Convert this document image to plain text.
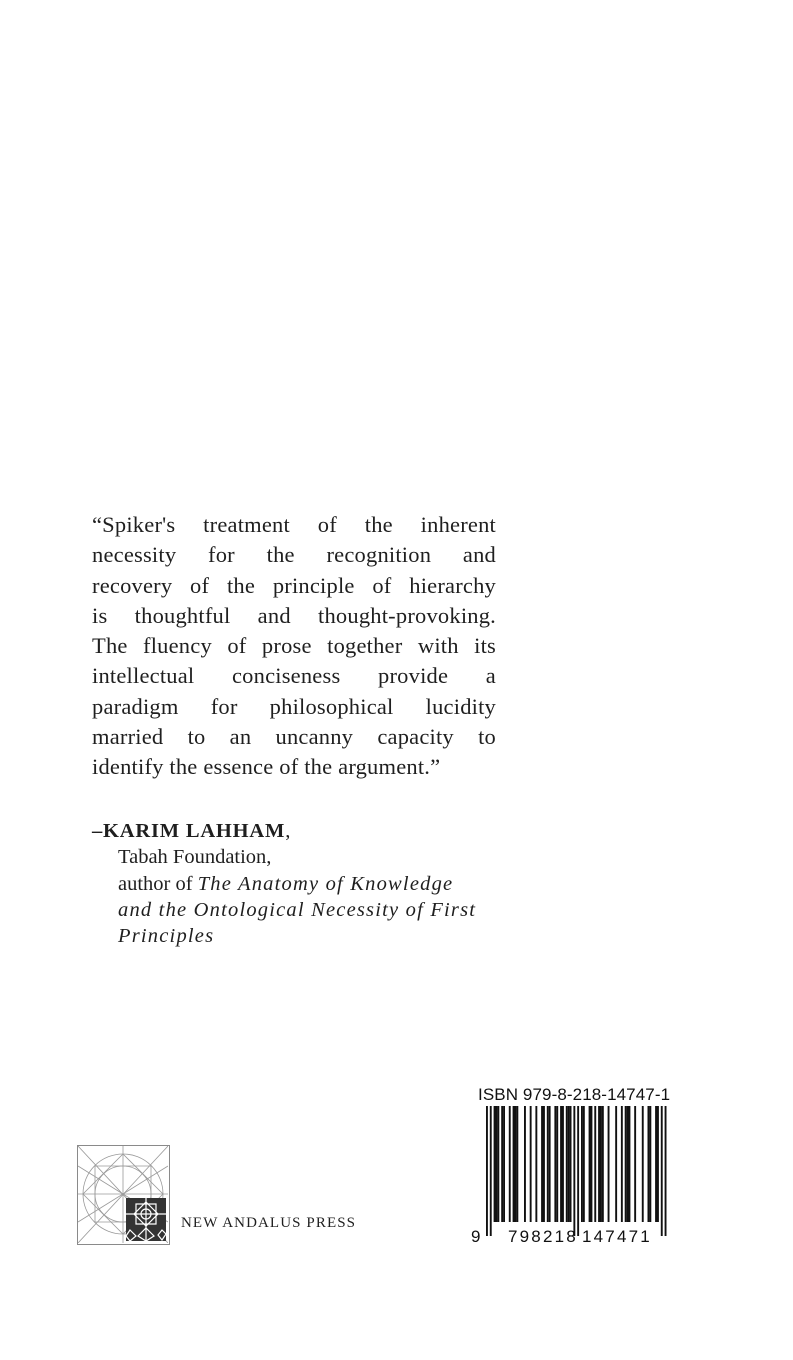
“Spiker's treatment of the inherent
necessity for the recognition and
recovery of the principle of hierarchy
is thoughtful and thought-provoking.
The fluency of prose together with its
intellectual conciseness provide a
paradigm for philosophical lucidity
married to an uncanny capacity to
identify the essence of the argument.”
–KARIM LAHHAM,
Tabah Foundation,
author of The Anatomy of Knowledge
and the Ontological Necessity of First
Principles
NEW ANDALUS PRESS
ISBN 979-8-218-14747-1
9 798218 147471
